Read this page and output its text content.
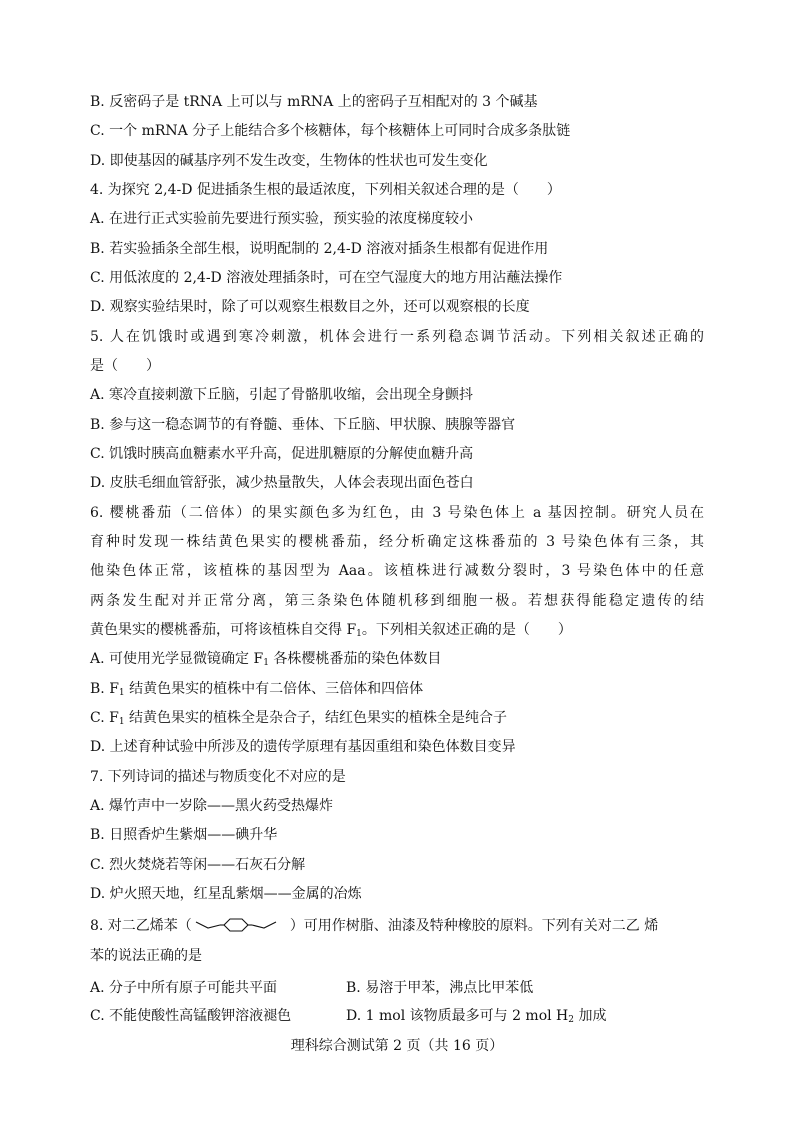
B. 反密码子是 tRNA 上可以与 mRNA 上的密码子互相配对的 3 个碱基
C. 一个 mRNA 分子上能结合多个核糖体，每个核糖体上可同时合成多条肽链
D. 即使基因的碱基序列不发生改变，生物体的性状也可发生变化
4. 为探究 2,4-D 促进插条生根的最适浓度，下列相关叙述合理的是（　　）
A. 在进行正式实验前先要进行预实验，预实验的浓度梯度较小
B. 若实验插条全部生根，说明配制的 2,4-D 溶液对插条生根都有促进作用
C. 用低浓度的 2,4-D 溶液处理插条时，可在空气湿度大的地方用沾蘸法操作
D. 观察实验结果时，除了可以观察生根数目之外，还可以观察根的长度
5. 人在饥饿时或遇到寒冷刺激，机体会进行一系列稳态调节活动。下列相关叙述正确的
是（　　）
A. 寒冷直接刺激下丘脑，引起了骨骼肌收缩，会出现全身颤抖
B. 参与这一稳态调节的有脊髓、垂体、下丘脑、甲状腺、胰腺等器官
C. 饥饿时胰高血糖素水平升高，促进肌糖原的分解使血糖升高
D. 皮肤毛细血管舒张，减少热量散失，人体会表现出面色苍白
6. 樱桃番茄（二倍体）的果实颜色多为红色，由 3 号染色体上 a 基因控制。研究人员在
育种时发现一株结黄色果实的樱桃番茄，经分析确定这株番茄的 3 号染色体有三条，其
他染色体正常，该植株的基因型为 Aaa。该植株进行减数分裂时，3 号染色体中的任意
两条发生配对并正常分离，第三条染色体随机移到细胞一极。若想获得能稳定遗传的结
黄色果实的樱桃番茄，可将该植株自交得 $F_1$。下列相关叙述正确的是（　　）
A. 可使用光学显微镜确定 $F_1$ 各株樱桃番茄的染色体数目
B. $F_1$ 结黄色果实的植株中有二倍体、三倍体和四倍体
C. $F_1$ 结黄色果实的植株全是杂合子，结红色果实的植株全是纯合子
D. 上述育种试验中所涉及的遗传学原理有基因重组和染色体数目变异
7. 下列诗词的描述与物质变化不对应的是
A. 爆竹声中一岁除——黑火药受热爆炸
B. 日照香炉生紫烟——碘升华
C. 烈火焚烧若等闲——石灰石分解
D. 炉火照天地，红星乱紫烟——金属的冶炼
8. 对二乙烯苯（	）可用作树脂、油漆及特种橡胶的原料。下列有关对二乙 烯
苯的说法正确的是
A. 分子中所有原子可能共平面	B. 易溶于甲苯，沸点比甲苯低
C. 不能使酸性高锰酸钾溶液褪色	D. 1 mol 该物质最多可与 2 mol $H_2$ 加成
理科综合测试第 2 页（共 16 页）
